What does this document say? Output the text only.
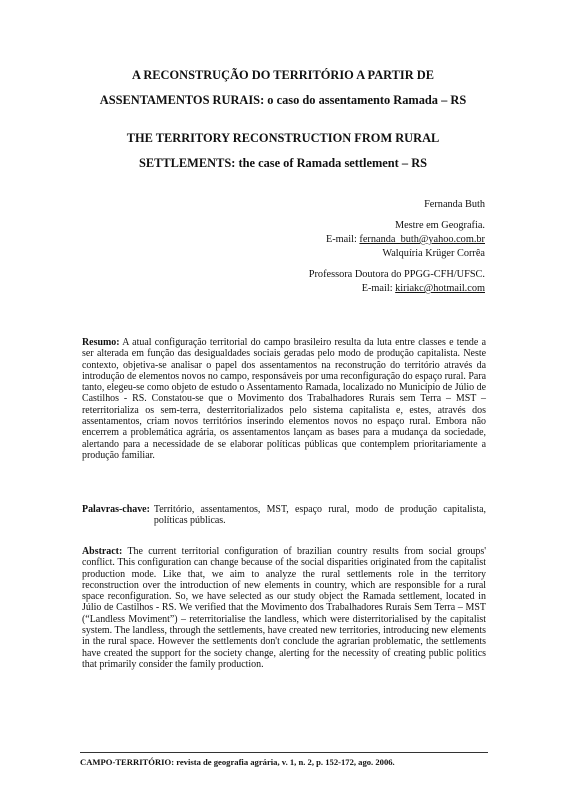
A RECONSTRUÇÃO DO TERRITÓRIO A PARTIR DE
ASSENTAMENTOS RURAIS: o caso do assentamento Ramada – RS
THE TERRITORY RECONSTRUCTION FROM RURAL
SETTLEMENTS: the case of Ramada settlement – RS
Fernanda Buth
Mestre em Geografia.
E-mail: fernanda_buth@yahoo.com.br
Walquíria Krüger Corrêa
Professora Doutora do PPGG-CFH/UFSC.
E-mail: kiriakc@hotmail.com
Resumo: A atual configuração territorial do campo brasileiro resulta da luta entre classes e tende a ser alterada em função das desigualdades sociais geradas pelo modo de produção capitalista. Neste contexto, objetiva-se analisar o papel dos assentamentos na reconstrução do território através da introdução de elementos novos no campo, responsáveis por uma reconfiguração do espaço rural. Para tanto, elegeu-se como objeto de estudo o Assentamento Ramada, localizado no Município de Júlio de Castilhos - RS. Constatou-se que o Movimento dos Trabalhadores Rurais sem Terra – MST – reterritorializa os sem-terra, desterritorializados pelo sistema capitalista e, estes, através dos assentamentos, criam novos territórios inserindo elementos novos no espaço rural. Embora não encerrem a problemática agrária, os assentamentos lançam as bases para a mudança da sociedade, alertando para a necessidade de se elaborar políticas públicas que contemplem prioritariamente a produção familiar.
Palavras-chave: Território, assentamentos, MST, espaço rural, modo de produção capitalista, políticas públicas.
Abstract: The current territorial configuration of brazilian country results from social groups' conflict. This configuration can change because of the social disparities originated from the capitalist production mode. Like that, we aim to analyze the rural settlements role in the territory reconstruction over the introduction of new elements in country, which are responsible for a rural space reconfiguration. So, we have selected as our study object the Ramada settlement, located in Júlio de Castilhos - RS. We verified that the Movimento dos Trabalhadores Rurais Sem Terra – MST (“Landless Moviment”) – reterritorialise the landless, which were disterritorialised by the capitalist system. The landless, through the settlements, have created new territories, introducing new elements in the rural space. However the settlements don't conclude the agrarian problematic, the settlements have created the support for the society change, alerting for the necessity of creating public politics that primarily consider the family production.
CAMPO-TERRITÓRIO: revista de geografia agrária, v. 1, n. 2, p. 152-172, ago. 2006.
